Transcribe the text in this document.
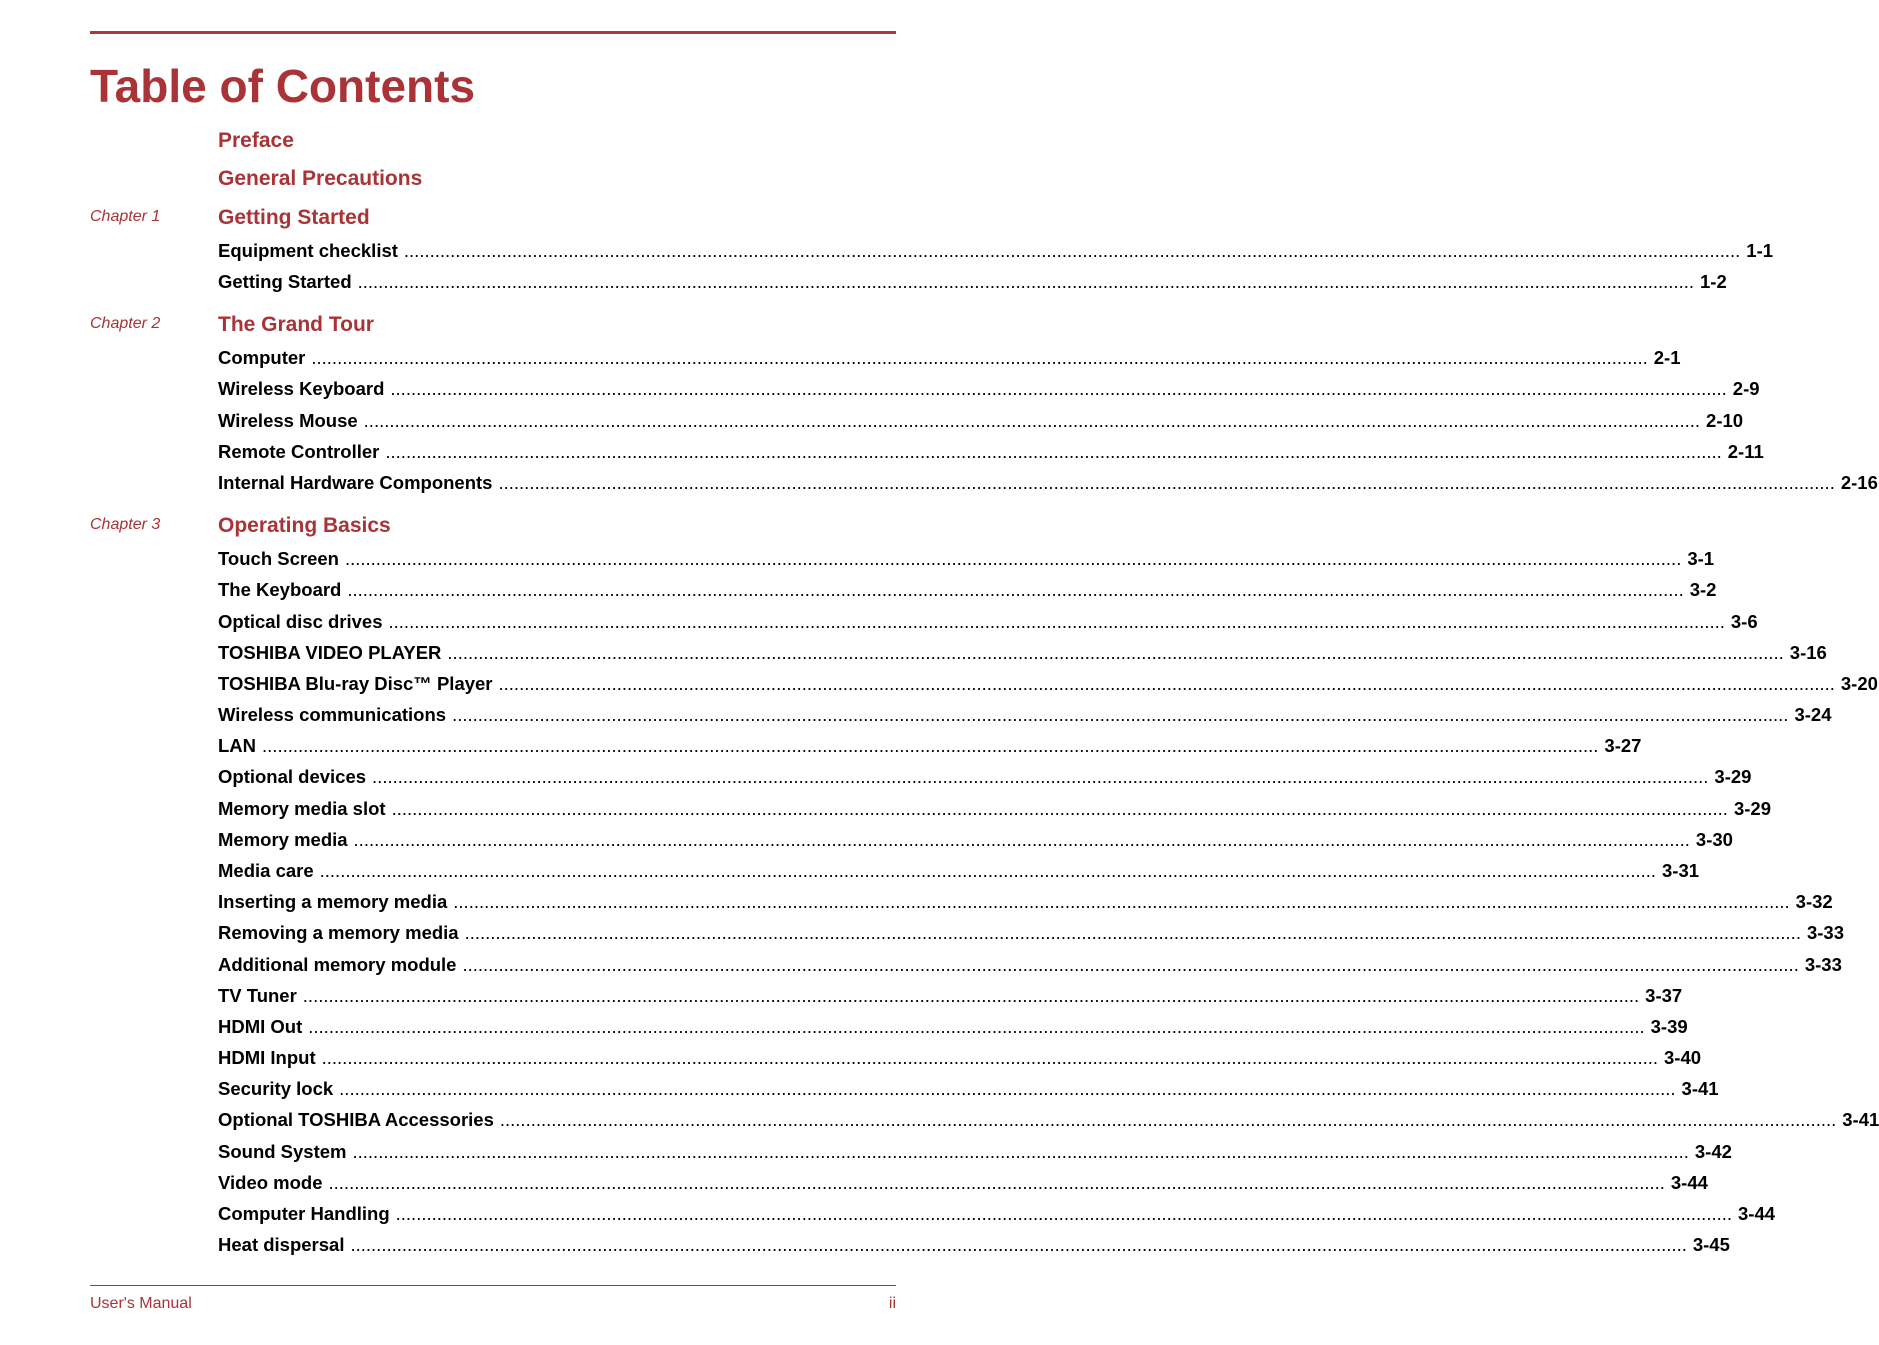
Table of Contents
Preface
General Precautions
Chapter 1	Getting Started
Equipment checklist .................................................................................................................................................................................................................................................................... 1-1
Getting Started .................................................................................................................................................................................................................................................................... 1-2
Chapter 2	The Grand Tour
Computer .................................................................................................................................................................................................................................................................... 2-1
Wireless Keyboard .................................................................................................................................................................................................................................................................... 2-9
Wireless Mouse .................................................................................................................................................................................................................................................................... 2-10
Remote Controller .................................................................................................................................................................................................................................................................... 2-11
Internal Hardware Components .................................................................................................................................................................................................................................................................... 2-16
Chapter 3	Operating Basics
Touch Screen .................................................................................................................................................................................................................................................................... 3-1
The Keyboard .................................................................................................................................................................................................................................................................... 3-2
Optical disc drives .................................................................................................................................................................................................................................................................... 3-6
TOSHIBA VIDEO PLAYER .................................................................................................................................................................................................................................................................... 3-16
TOSHIBA Blu-ray Disc™ Player .................................................................................................................................................................................................................................................................... 3-20
Wireless communications .................................................................................................................................................................................................................................................................... 3-24
LAN .................................................................................................................................................................................................................................................................... 3-27
Optional devices .................................................................................................................................................................................................................................................................... 3-29
Memory media slot .................................................................................................................................................................................................................................................................... 3-29
Memory media .................................................................................................................................................................................................................................................................... 3-30
Media care .................................................................................................................................................................................................................................................................... 3-31
Inserting a memory media .................................................................................................................................................................................................................................................................... 3-32
Removing a memory media .................................................................................................................................................................................................................................................................... 3-33
Additional memory module .................................................................................................................................................................................................................................................................... 3-33
TV Tuner .................................................................................................................................................................................................................................................................... 3-37
HDMI Out .................................................................................................................................................................................................................................................................... 3-39
HDMI Input .................................................................................................................................................................................................................................................................... 3-40
Security lock .................................................................................................................................................................................................................................................................... 3-41
Optional TOSHIBA Accessories .................................................................................................................................................................................................................................................................... 3-41
Sound System .................................................................................................................................................................................................................................................................... 3-42
Video mode .................................................................................................................................................................................................................................................................... 3-44
Computer Handling .................................................................................................................................................................................................................................................................... 3-44
Heat dispersal .................................................................................................................................................................................................................................................................... 3-45
User's Manual	ii
